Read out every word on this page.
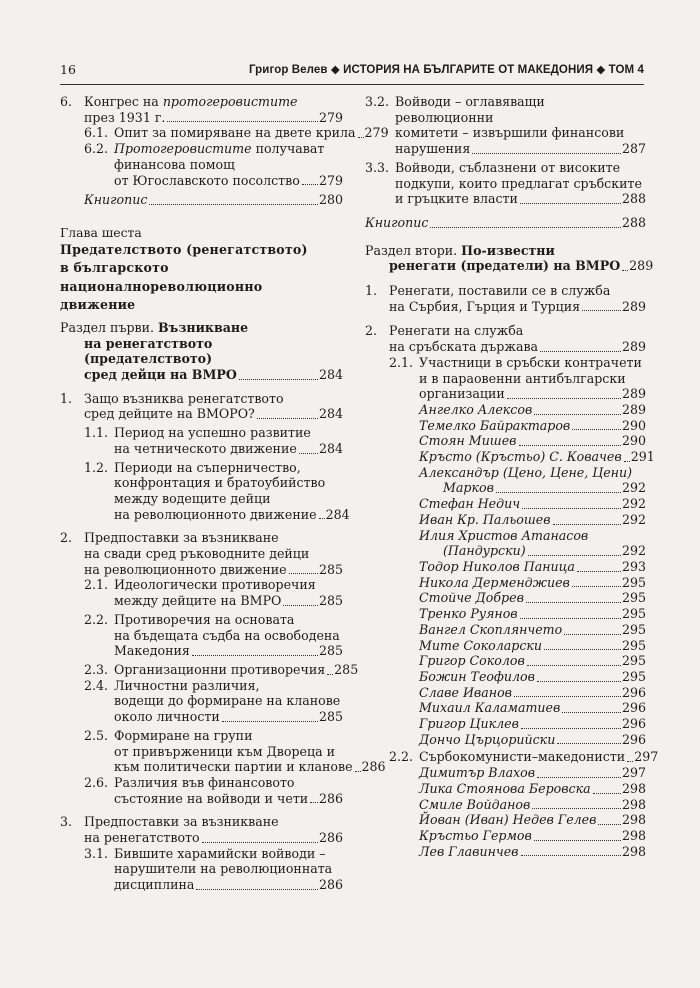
16	Григор Велев ◆ ИСТОРИЯ НА БЪЛГАРИТЕ ОТ МАКЕДОНИЯ ◆ ТОМ 4
6. Конгрес на протогеровистите
през 1931 г.	279
6.1. Опит за помиряване на двете крила 279
6.2. Протогеровистите получават
финансова помощ
от Югославското посолство 279
Книгопис	280
Глава шеста
Предателството (ренегатството)
в българското националнореволюционно
движение
Раздел първи. Възникване
на ренегатството (предателството)
сред дейци на ВМРО	284
1. Защо възниква ренегатството
сред дейците на ВМОРО?	284
1.1. Период на успешно развитие
на четническото движение 284
1.2. Периоди на съперничество,
конфронтация и братоубийство
между водещите дейци
на революционното движение 284
2. Предпоставки за възникване
на свади сред ръководните дейци
на революционното движение	285
2.1. Идеологически противоречия
между дейците на ВМРО	285
2.2. Противоречия на основата
на бъдещата съдба на освободена
Македония	285
2.3. Организационни противоречия 285
2.4. Личностни различия,
водещи до формиране на кланове
около личности	285
2.5. Формиране на групи
от привърженици към Двореца и
към политически партии и кланове 286
2.6. Различия във финансовото
състояние на войводи и чети 286
3. Предпоставки за възникване
на ренегатството	286
3.1. Бившите харамийски войводи –
нарушители на революционната
дисциплина	286
3.2. Войводи – оглавяващи революционни
комитети – извършили финансови
нарушения	287
3.3. Войводи, съблазнени от високите
подкупи, които предлагат сръбските
и гръцките власти	288
Книгопис	288
Раздел втори. По-известни
ренегати (предатели) на ВМРО 289
1. Ренегати, поставили се в служба
на Сърбия, Гърция и Турция	289
2. Ренегати на служба
на сръбската държава	289
2.1. Участници в сръбски контрачети
и в параовенни антибългарски
организации	289
Ангелко Алексов	289
Темелко Байрактаров	290
Стоян Мишев	290
Кръсто (Кръстьо) С. Ковачев 291
Александър (Цено, Цене, Цени)
Марков	292
Стефан Недич	292
Иван Кр. Пальошев	292
Илия Христов Атанасов
(Пандурски)	292
Тодор Николов Паница	293
Никола Дерменджиев	295
Стойче Добрев	295
Тренко Руянов	295
Вангел Скоплянчето	295
Мите Соколарски	295
Григор Соколов	295
Божин Теофилов	295
Славе Иванов	296
Михаил Каламатиев	296
Григор Циклев	296
Дончо Църцорийски	296
2.2. Сърбокомунисти–македонисти 297
Димитър Влахов	297
Лика Стоянова Беровска 298
Смиле Войданов	298
Йован (Иван) Недев Гелев 298
Кръстьо Гермов	298
Лев Главинчев	298
